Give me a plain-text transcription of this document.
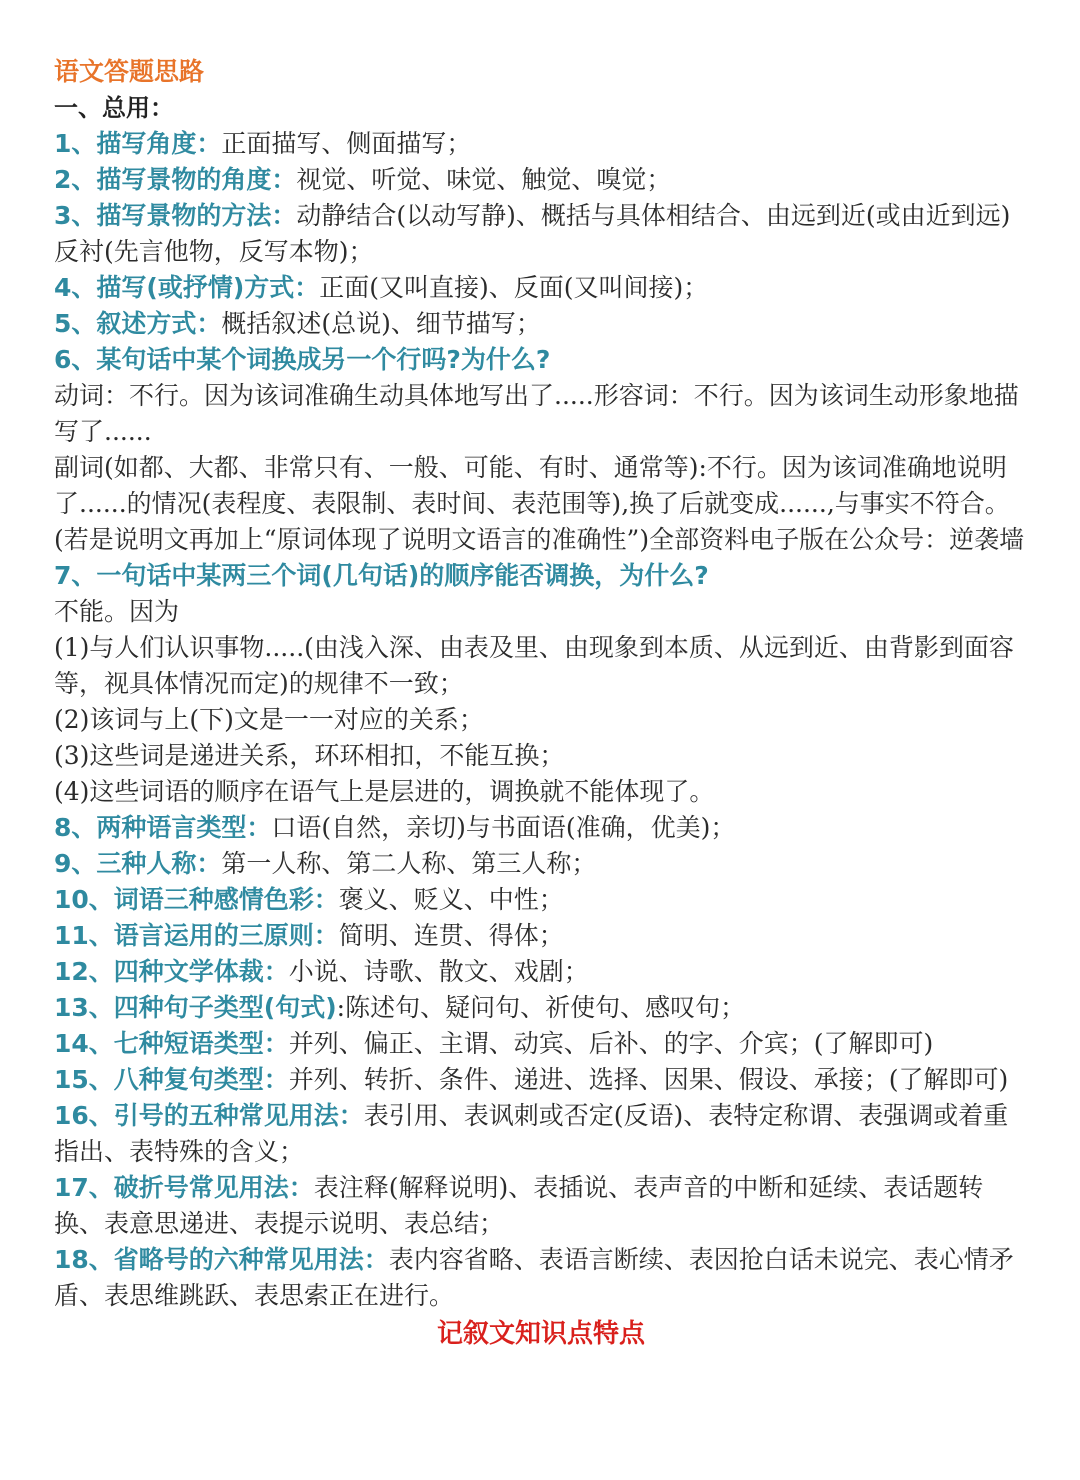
语文答题思路
一、总用：
1、描写角度：正面描写、侧面描写；
2、描写景物的角度：视觉、听觉、味觉、触觉、嗅觉；
3、描写景物的方法：动静结合(以动写静)、概括与具体相结合、由远到近(或由近到远)反衬(先言他物，反写本物)；
4、描写(或抒情)方式：正面(又叫直接)、反面(又叫间接)；
5、叙述方式：概括叙述(总说)、细节描写；
6、某句话中某个词换成另一个行吗?为什么?
动词：不行。因为该词准确生动具体地写出了.....形容词：不行。因为该词生动形象地描写了......
副词(如都、大都、非常只有、一般、可能、有时、通常等):不行。因为该词准确地说明了......的情况(表程度、表限制、表时间、表范围等),换了后就变成......,与事实不符合。(若是说明文再加上“原词体现了说明文语言的准确性”)全部资料电子版在公众号：逆袭墙
7、一句话中某两三个词(几句话)的顺序能否调换，为什么?
不能。因为
(1)与人们认识事物.....(由浅入深、由表及里、由现象到本质、从远到近、由背影到面容等，视具体情况而定)的规律不一致；
(2)该词与上(下)文是一一对应的关系；
(3)这些词是递进关系，环环相扣，不能互换；
(4)这些词语的顺序在语气上是层进的，调换就不能体现了。
8、两种语言类型：口语(自然，亲切)与书面语(准确，优美)；
9、三种人称：第一人称、第二人称、第三人称；
10、词语三种感情色彩：褒义、贬义、中性；
11、语言运用的三原则：简明、连贯、得体；
12、四种文学体裁：小说、诗歌、散文、戏剧；
13、四种句子类型(句式):陈述句、疑问句、祈使句、感叹句；
14、七种短语类型：并列、偏正、主谓、动宾、后补、的字、介宾；(了解即可)
15、八种复句类型：并列、转折、条件、递进、选择、因果、假设、承接；(了解即可)
16、引号的五种常见用法：表引用、表讽刺或否定(反语)、表特定称谓、表强调或着重指出、表特殊的含义；
17、破折号常见用法：表注释(解释说明)、表插说、表声音的中断和延续、表话题转换、表意思递进、表提示说明、表总结；
18、省略号的六种常见用法：表内容省略、表语言断续、表因抢白话未说完、表心情矛盾、表思维跳跃、表思索正在进行。
记叙文知识点特点
